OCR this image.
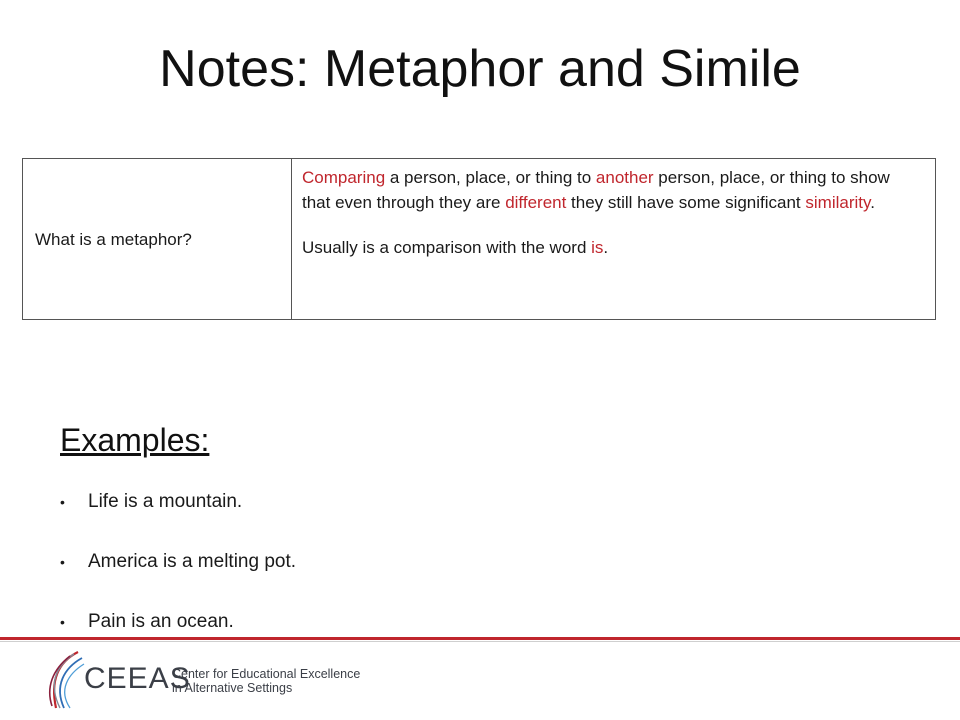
Notes: Metaphor and Simile
What is a metaphor?	

Comparing a person, place, or thing to another person, place, or thing to show that even through they are different they still have some significant similarity.

Usually is a comparison with the word is.

Examples:
• Life is a mountain.
• America is a melting pot.
• Pain is an ocean.
CEEAS
Center for Educational Excellence
in Alternative Settings
